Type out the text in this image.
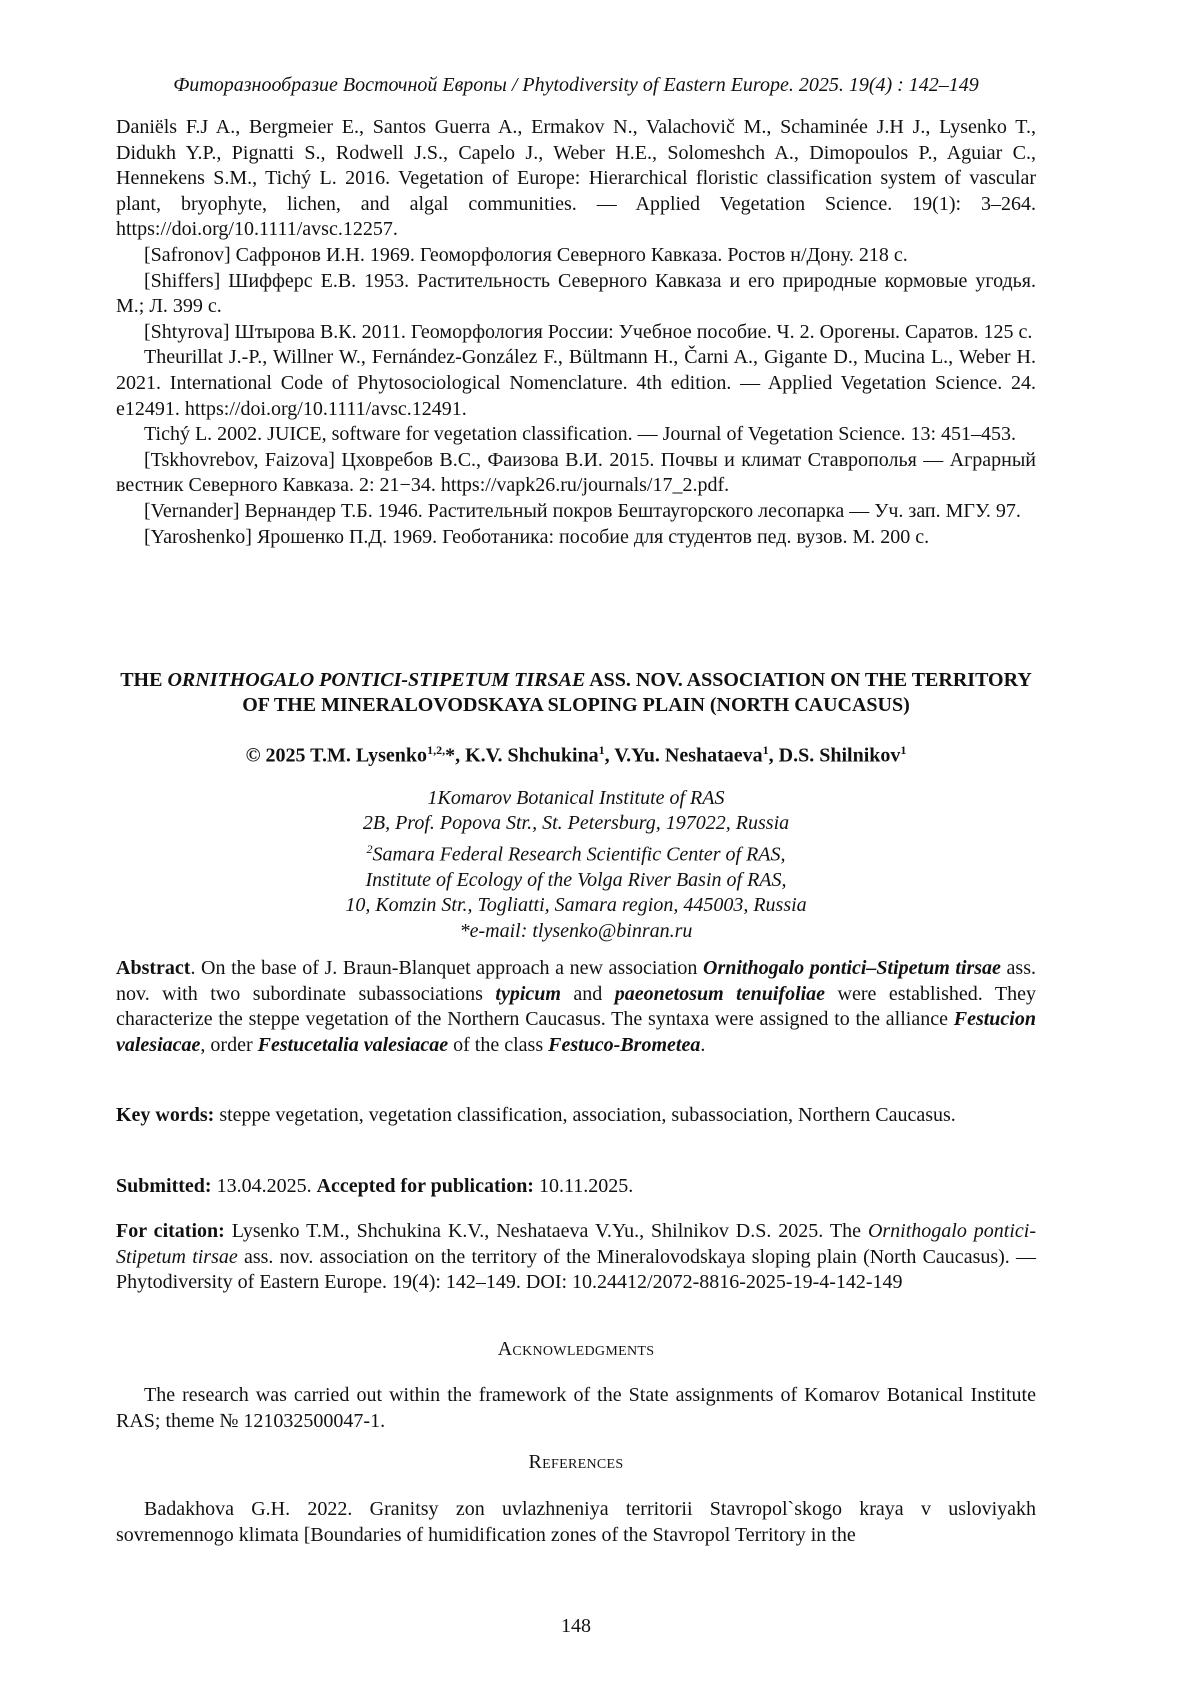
Фиторазнообразие Восточной Европы / Phytodiversity of Eastern Europe. 2025. 19(4) : 142–149

Daniëls F.J A., Bergmeier E., Santos Guerra A., Ermakov N., Valachovič M., Schaminée J.H J., Lysenko T., Didukh Y.P., Pignatti S., Rodwell J.S., Capelo J., Weber H.E., Solomeshch A., Dimopoulos P., Aguiar C., Hennekens S.M., Tichý L. 2016. Vegetation of Europe: Hierarchical floristic classification system of vascular plant, bryophyte, lichen, and algal communities. — Applied Vegetation Science. 19(1): 3–264. https://doi.org/10.1111/avsc.12257.

[Safronov] Сафронов И.Н. 1969. Геоморфология Северного Кавказа. Ростов н/Дону. 218 с.

[Shiffers] Шифферс Е.В. 1953. Растительность Северного Кавказа и его природные кормовые угодья. М.; Л. 399 с.

[Shtyrova] Штырова В.К. 2011. Геоморфология России: Учебное пособие. Ч. 2. Орогены. Саратов. 125 с.

Theurillat J.-P., Willner W., Fernández-González F., Bültmann H., Čarni A., Gigante D., Mucina L., Weber H. 2021. International Code of Phytosociological Nomenclature. 4th edition. — Applied Vegetation Science. 24. e12491. https://doi.org/10.1111/avsc.12491.

Tichý L. 2002. JUICE, software for vegetation classification. — Journal of Vegetation Science. 13: 451–453.

[Tskhovrebov, Faizova] Цховребов В.С., Фаизова В.И. 2015. Почвы и климат Ставрополья — Аграрный вестник Северного Кавказа. 2: 21−34. https://vapk26.ru/journals/17_2.pdf.

[Vernander] Вернандер Т.Б. 1946. Растительный покров Бештаугорского лесопарка — Уч. зап. МГУ. 97.

[Yaroshenko] Ярошенко П.Д. 1969. Геоботаника: пособие для студентов пед. вузов. М. 200 с.

THE ORNITHOGALO PONTICI-STIPETUM TIRSAE ASS. NOV. ASSOCIATION ON THE TERRITORY OF THE MINERALOVODSKAYA SLOPING PLAIN (NORTH CAUCASUS)
© 2025 T.M. Lysenko1,2,*, K.V. Shchukina1, V.Yu. Neshataeva1, D.S. Shilnikov1
1Komarov Botanical Institute of RAS
2B, Prof. Popova Str., St. Petersburg, 197022, Russia
2Samara Federal Research Scientific Center of RAS,
Institute of Ecology of the Volga River Basin of RAS,
10, Komzin Str., Togliatti, Samara region, 445003, Russia
*e-mail: tlysenko@binran.ru

Abstract. On the base of J. Braun-Blanquet approach a new association Ornithogalo pontici–Stipetum tirsae ass. nov. with two subordinate subassociations typicum and paeonetosum tenuifoliae were established. They characterize the steppe vegetation of the Northern Caucasus. The syntaxa were assigned to the alliance Festucion valesiacae, order Festucetalia valesiacae of the class Festuco-Brometea.

Key words: steppe vegetation, vegetation classification, association, subassociation, Northern Caucasus.

Submitted: 13.04.2025. Accepted for publication: 10.11.2025.

For citation: Lysenko T.M., Shchukina K.V., Neshataeva V.Yu., Shilnikov D.S. 2025. The Ornithogalo pontici-Stipetum tirsae ass. nov. association on the territory of the Mineralovodskaya sloping plain (North Caucasus). — Phytodiversity of Eastern Europe. 19(4): 142–149. DOI: 10.24412/2072-8816-2025-19-4-142-149

Acknowledgments

The research was carried out within the framework of the State assignments of Komarov Botanical Institute RAS; theme № 121032500047-1.

References

Badakhova G.H. 2022. Granitsy zon uvlazhneniya territorii Stavropol`skogo kraya v usloviyakh sovremennogo klimata [Boundaries of humidification zones of the Stavropol Territory in the

148
